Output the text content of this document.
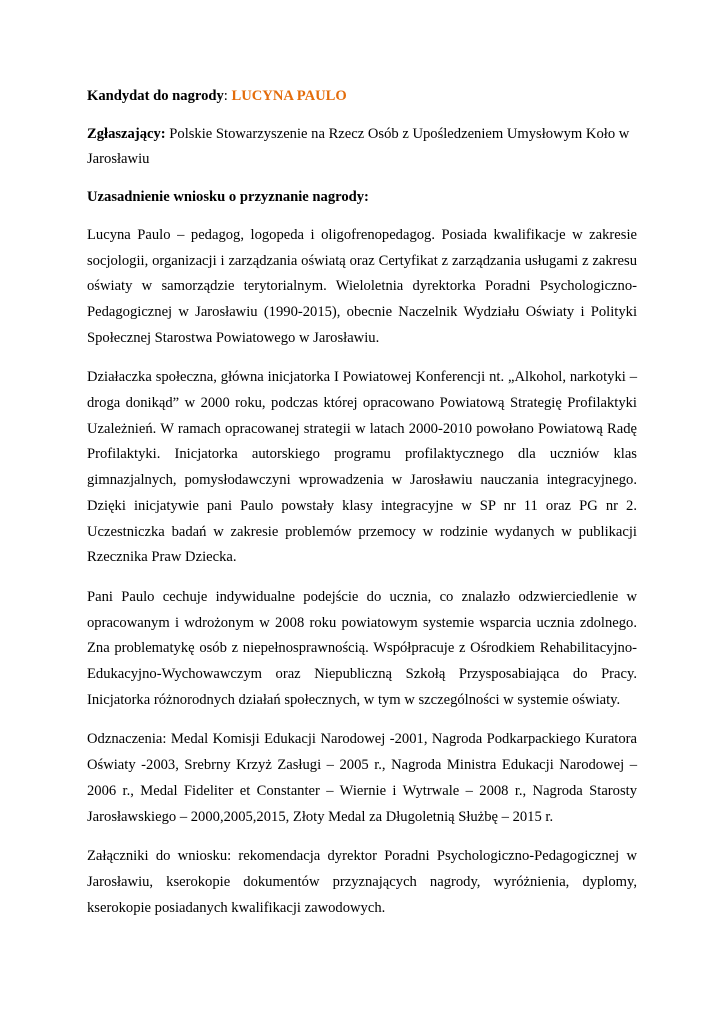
Kandydat do nagrody: LUCYNA PAULO

Zgłaszający: Polskie Stowarzyszenie na Rzecz Osób z Upośledzeniem Umysłowym Koło w Jarosławiu

Uzasadnienie wniosku o przyznanie nagrody:

Lucyna Paulo – pedagog, logopeda i oligofrenopedagog. Posiada kwalifikacje w zakresie socjologii, organizacji i zarządzania oświatą oraz Certyfikat z zarządzania usługami z zakresu oświaty w samorządzie terytorialnym. Wieloletnia dyrektorka Poradni Psychologiczno-Pedagogicznej w Jarosławiu (1990-2015), obecnie Naczelnik Wydziału Oświaty i Polityki Społecznej Starostwa Powiatowego w Jarosławiu.

Działaczka społeczna, główna inicjatorka I Powiatowej Konferencji nt. „Alkohol, narkotyki – droga donikąd” w 2000 roku, podczas której opracowano Powiatową Strategię Profilaktyki Uzależnień. W ramach opracowanej strategii w latach 2000-2010 powołano Powiatową Radę Profilaktyki. Inicjatorka autorskiego programu profilaktycznego dla uczniów klas gimnazjalnych, pomysłodawczyni wprowadzenia w Jarosławiu nauczania integracyjnego. Dzięki inicjatywie pani Paulo powstały klasy integracyjne w SP nr 11 oraz PG nr 2. Uczestniczka badań w zakresie problemów przemocy w rodzinie wydanych w publikacji Rzecznika Praw Dziecka.

Pani Paulo cechuje indywidualne podejście do ucznia, co znalazło odzwierciedlenie w opracowanym i wdrożonym w 2008 roku powiatowym systemie wsparcia ucznia zdolnego. Zna problematykę osób z niepełnosprawnością. Współpracuje z Ośrodkiem Rehabilitacyjno-Edukacyjno-Wychowawczym oraz Niepubliczną Szkołą Przysposabiająca do Pracy. Inicjatorka różnorodnych działań społecznych, w tym w szczególności w systemie oświaty.

Odznaczenia: Medal Komisji Edukacji Narodowej -2001, Nagroda Podkarpackiego Kuratora Oświaty -2003, Srebrny Krzyż Zasługi – 2005 r., Nagroda Ministra Edukacji Narodowej – 2006 r., Medal Fideliter et Constanter – Wiernie i Wytrwale – 2008 r., Nagroda Starosty Jarosławskiego – 2000,2005,2015, Złoty Medal za Długoletnią Służbę – 2015 r.

Załączniki do wniosku: rekomendacja dyrektor Poradni Psychologiczno-Pedagogicznej w Jarosławiu, kserokopie dokumentów przyznających nagrody, wyróżnienia, dyplomy, kserokopie posiadanych kwalifikacji zawodowych.
